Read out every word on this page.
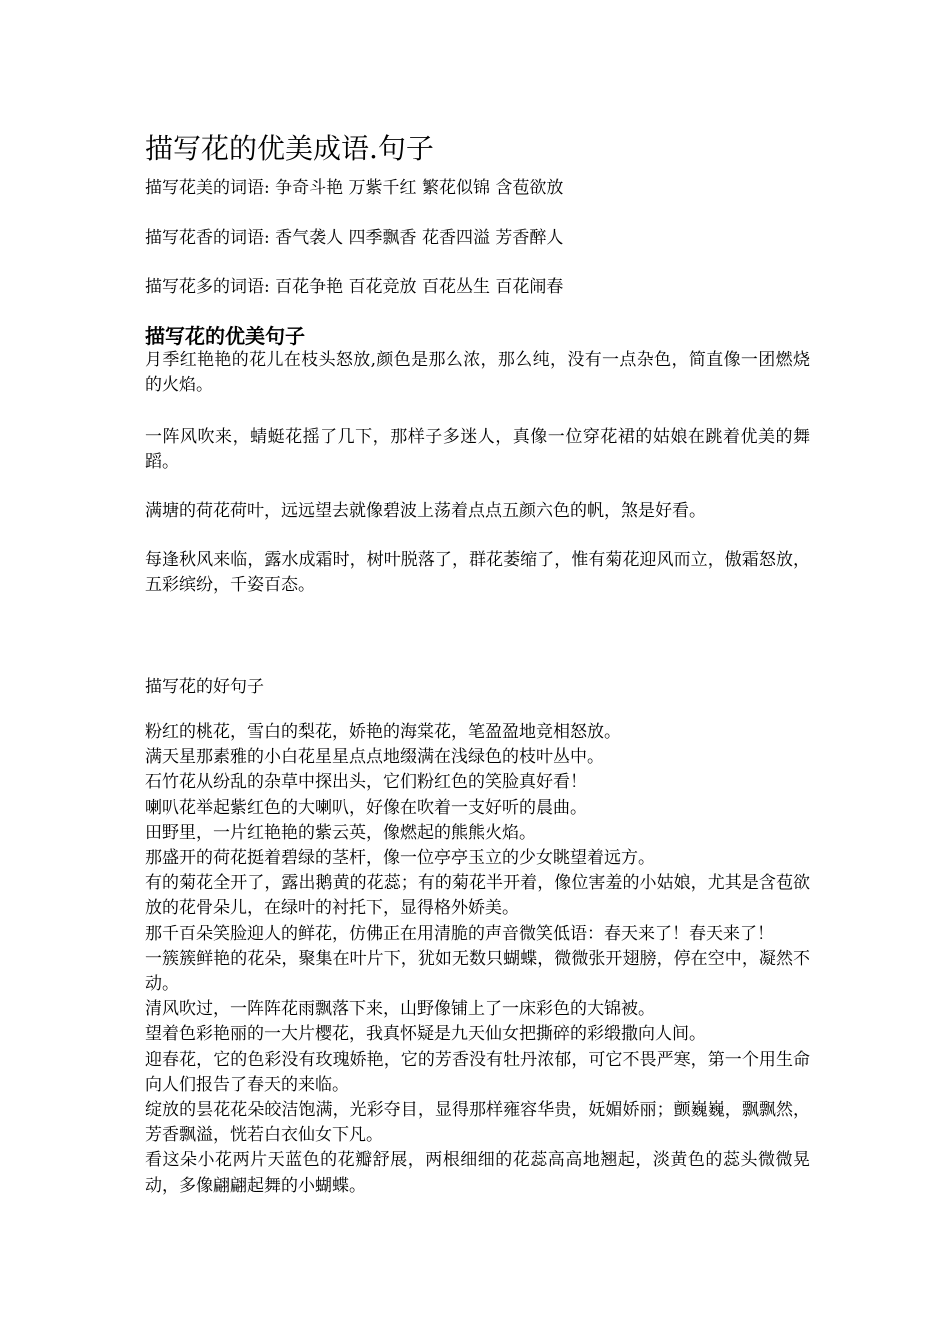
描写花的优美成语.句子

描写花美的词语: 争奇斗艳 万紫千红 繁花似锦 含苞欲放

描写花香的词语: 香气袭人 四季飘香 花香四溢 芳香醉人

描写花多的词语: 百花争艳 百花竞放 百花丛生 百花闹春

描写花的优美句子

月季红艳艳的花儿在枝头怒放,颜色是那么浓，那么纯，没有一点杂色，简直像一团燃烧的火焰。

一阵风吹来，蜻蜓花摇了几下，那样子多迷人，真像一位穿花裙的姑娘在跳着优美的舞蹈。

满塘的荷花荷叶，远远望去就像碧波上荡着点点五颜六色的帆，煞是好看。

每逢秋风来临，露水成霜时，树叶脱落了，群花萎缩了，惟有菊花迎风而立，傲霜怒放，五彩缤纷，千姿百态。

描写花的好句子

粉红的桃花，雪白的梨花，娇艳的海棠花，笔盈盈地竞相怒放。
满天星那素雅的小白花星星点点地缀满在浅绿色的枝叶丛中。
石竹花从纷乱的杂草中探出头，它们粉红色的笑脸真好看！
喇叭花举起紫红色的大喇叭，好像在吹着一支好听的晨曲。
田野里，一片红艳艳的紫云英，像燃起的熊熊火焰。
那盛开的荷花挺着碧绿的茎杆，像一位亭亭玉立的少女眺望着远方。
有的菊花全开了，露出鹅黄的花蕊；有的菊花半开着，像位害羞的小姑娘，尤其是含苞欲放的花骨朵儿，在绿叶的衬托下，显得格外娇美。
那千百朵笑脸迎人的鲜花，仿佛正在用清脆的声音微笑低语：春天来了！春天来了！
一簇簇鲜艳的花朵，聚集在叶片下，犹如无数只蝴蝶，微微张开翅膀，停在空中，凝然不动。
清风吹过，一阵阵花雨飘落下来，山野像铺上了一床彩色的大锦被。
望着色彩艳丽的一大片樱花，我真怀疑是九天仙女把撕碎的彩缎撒向人间。
迎春花，它的色彩没有玫瑰娇艳，它的芳香没有牡丹浓郁，可它不畏严寒，第一个用生命向人们报告了春天的来临。
绽放的昙花花朵皎洁饱满，光彩夺目，显得那样雍容华贵，妩媚娇丽；颤巍巍，飘飘然，芳香飘溢，恍若白衣仙女下凡。
看这朵小花两片天蓝色的花瓣舒展，两根细细的花蕊高高地翘起，淡黄色的蕊头微微晃动，多像翩翩起舞的小蝴蝶。
